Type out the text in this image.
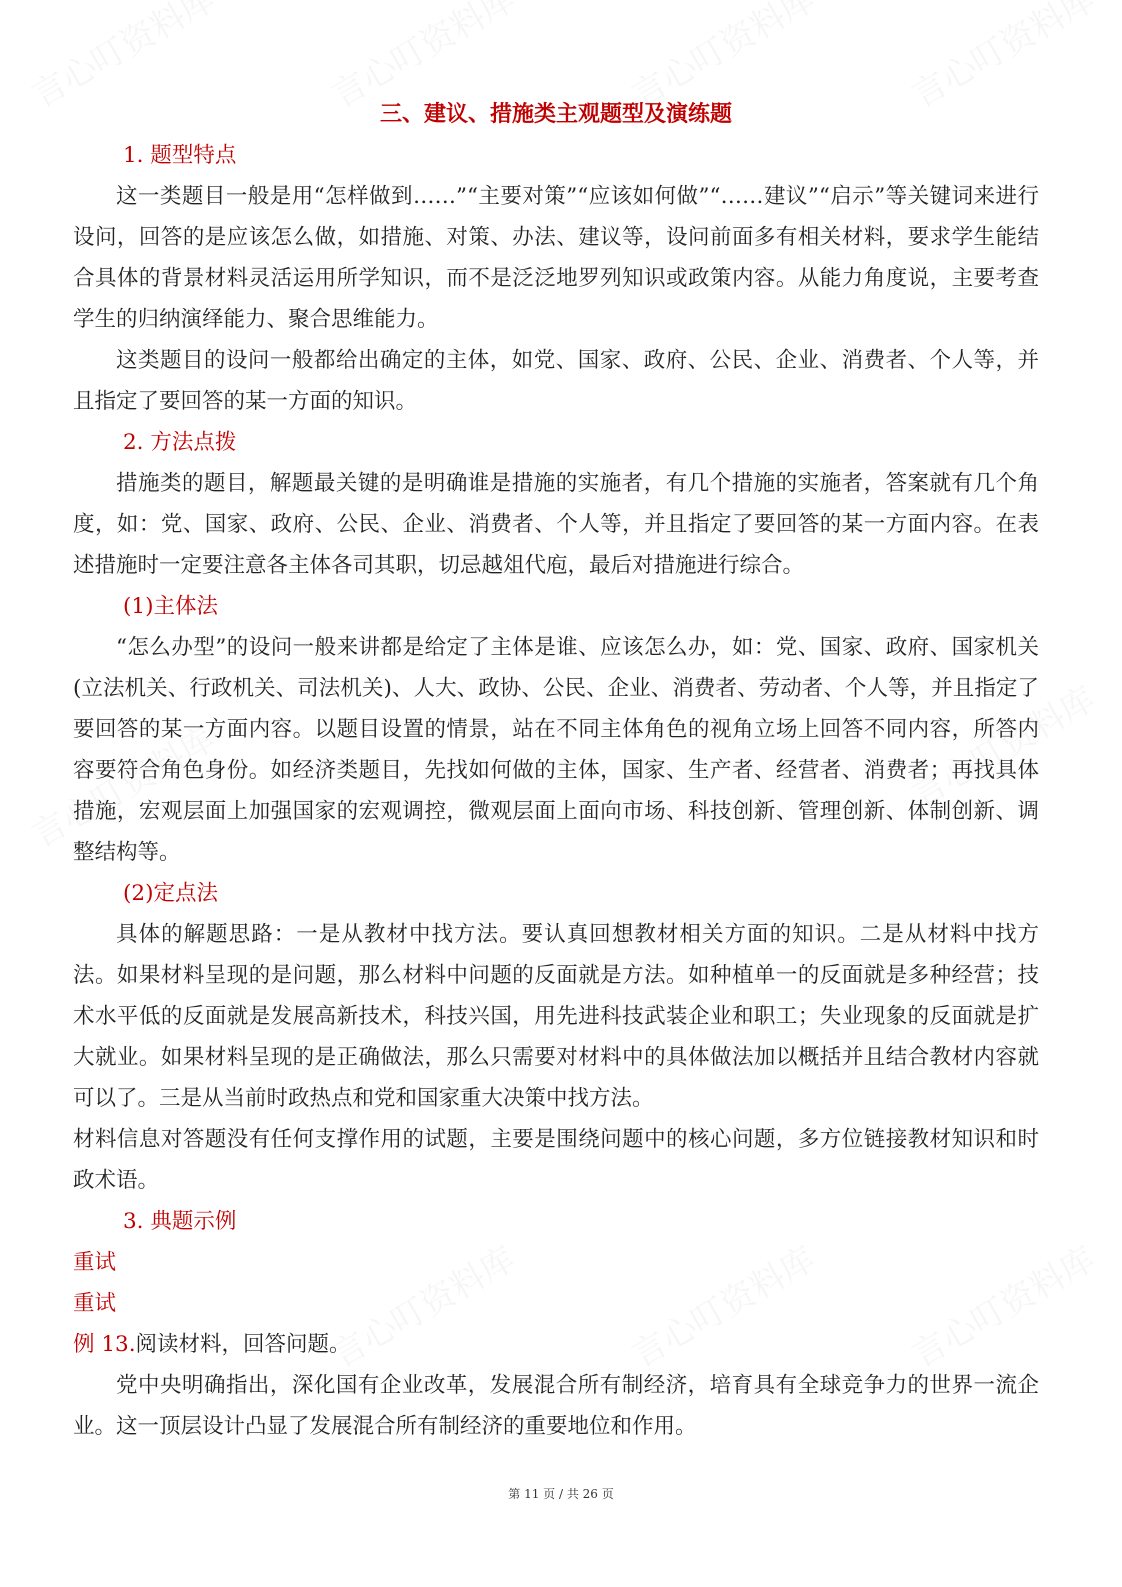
三、建议、措施类主观题型及演练题
1. 题型特点
这一类题目一般是用“怎样做到……”“主要对策”“应该如何做”“……建议”“启示”等关键词来进行设问，回答的是应该怎么做，如措施、对策、办法、建议等，设问前面多有相关材料，要求学生能结合具体的背景材料灵活运用所学知识，而不是泛泛地罗列知识或政策内容。从能力角度说，主要考查学生的归纳演绎能力、聚合思维能力。
这类题目的设问一般都给出确定的主体，如党、国家、政府、公民、企业、消费者、个人等，并且指定了要回答的某一方面的知识。
2. 方法点拨
措施类的题目，解题最关键的是明确谁是措施的实施者，有几个措施的实施者，答案就有几个角度，如：党、国家、政府、公民、企业、消费者、个人等，并且指定了要回答的某一方面内容。在表述措施时一定要注意各主体各司其职，切忌越俎代庖，最后对措施进行综合。
(1)主体法
“怎么办型”的设问一般来讲都是给定了主体是谁、应该怎么办，如：党、国家、政府、国家机关(立法机关、行政机关、司法机关)、人大、政协、公民、企业、消费者、劳动者、个人等，并且指定了要回答的某一方面内容。以题目设置的情景，站在不同主体角色的视角立场上回答不同内容，所答内容要符合角色身份。如经济类题目，先找如何做的主体，国家、生产者、经营者、消费者；再找具体措施，宏观层面上加强国家的宏观调控，微观层面上面向市场、科技创新、管理创新、体制创新、调整结构等。
(2)定点法
具体的解题思路：一是从教材中找方法。要认真回想教材相关方面的知识。二是从材料中找方法。如果材料呈现的是问题，那么材料中问题的反面就是方法。如种植单一的反面就是多种经营；技术水平低的反面就是发展高新技术，科技兴国，用先进科技武装企业和职工；失业现象的反面就是扩大就业。如果材料呈现的是正确做法，那么只需要对材料中的具体做法加以概括并且结合教材内容就可以了。三是从当前时政热点和党和国家重大决策中找方法。
材料信息对答题没有任何支撑作用的试题，主要是围绕问题中的核心问题，多方位链接教材知识和时政术语。
3. 典题示例
重试
重试
例 13.阅读材料，回答问题。
党中央明确指出，深化国有企业改革，发展混合所有制经济，培育具有全球竞争力的世界一流企业。这一顶层设计凸显了发展混合所有制经济的重要地位和作用。
第 11 页 / 共 26 页
